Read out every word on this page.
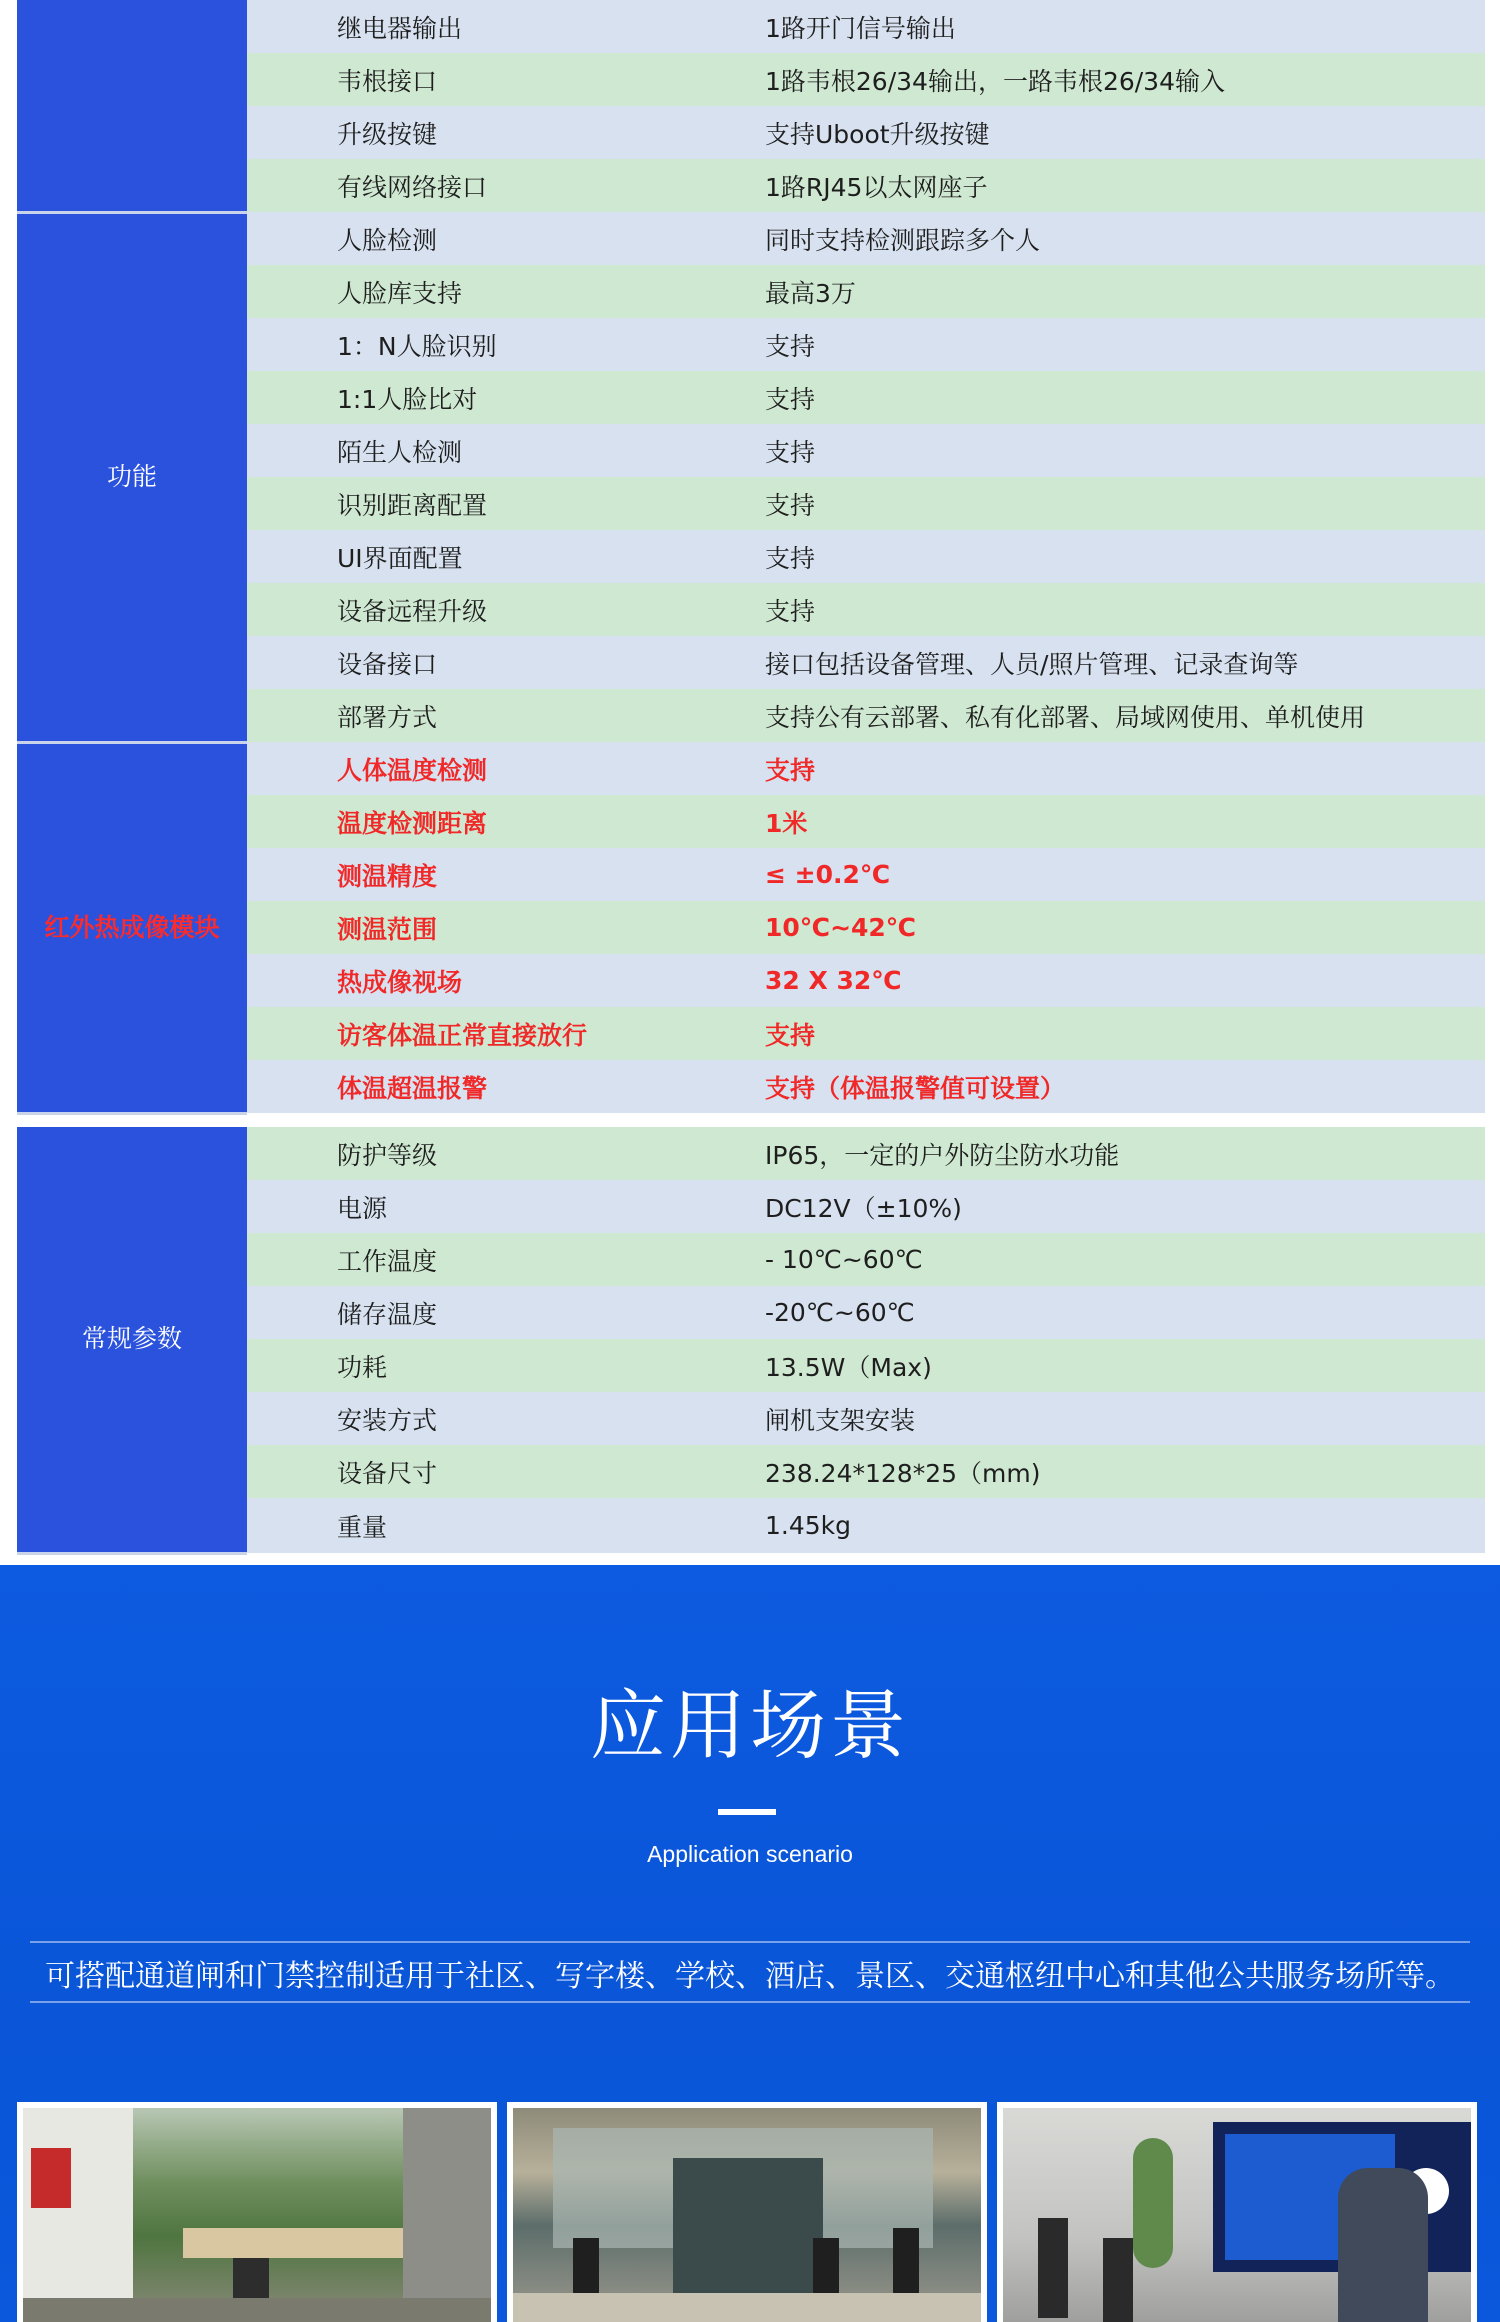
	继电器输出	1路开门信号输出
	韦根接口	1路韦根26/34输出，一路韦根26/34输入
	升级按键	支持Uboot升级按键
	有线网络接口	1路RJ45以太网座子
功能	人脸检测	同时支持检测跟踪多个人
	人脸库支持	最高3万
	1：N人脸识别	支持
	1:1人脸比对	支持
	陌生人检测	支持
	识别距离配置	支持
	UI界面配置	支持
	设备远程升级	支持
	设备接口	接口包括设备管理、人员/照片管理、记录查询等
	部署方式	支持公有云部署、私有化部署、局域网使用、单机使用
红外热成像模块	人体温度检测	支持
	温度检测距离	1米
	测温精度	≤ ±0.2℃
	测温范围	10℃~42℃
	热成像视场	32 X 32℃
	访客体温正常直接放行	支持
	体温超温报警	支持（体温报警值可设置）
常规参数	防护等级	IP65，一定的户外防尘防水功能
	电源	DC12V（±10%)
	工作温度	- 10℃~60℃
	储存温度	-20℃~60℃
	功耗	13.5W（Max)
	安装方式	闸机支架安装
	设备尺寸	238.24*128*25（mm)
	重量	1.45kg
应用场景
Application scenario
可搭配通道闸和门禁控制适用于社区、写字楼、学校、酒店、景区、交通枢纽中心和其他公共服务场所等。
